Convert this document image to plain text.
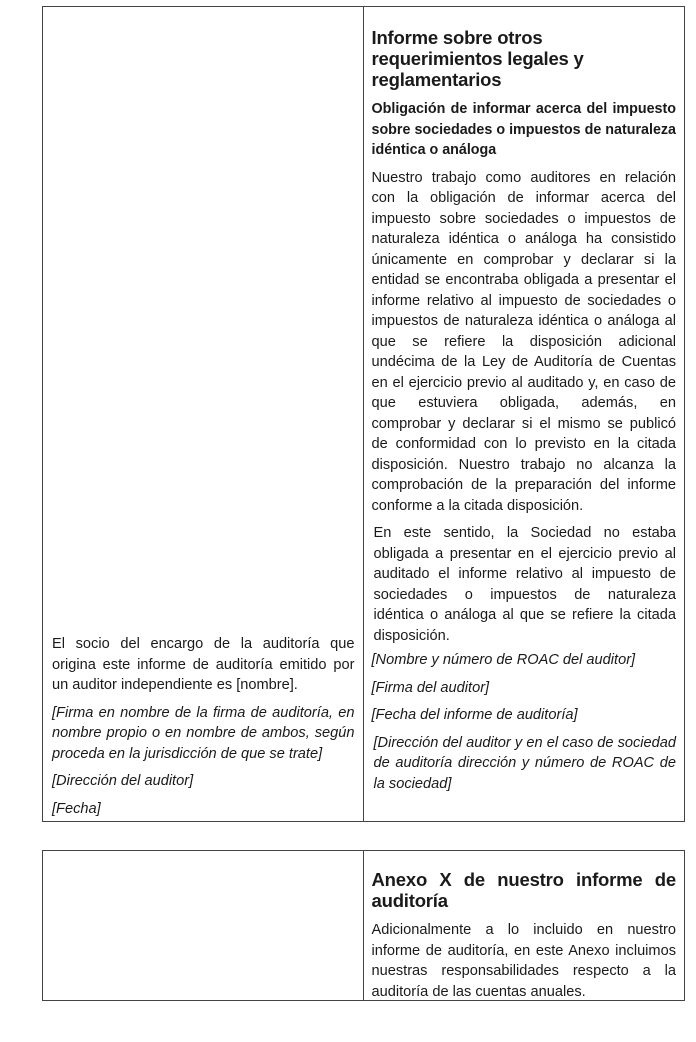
El socio del encargo de la auditoría que origina este informe de auditoría emitido por un auditor independiente es [nombre].

[Firma en nombre de la firma de auditoría, en nombre propio o en nombre de ambos, según proceda en la jurisdicción de que se trate]

[Dirección del auditor]

[Fecha]

Informe sobre otros requerimientos legales y reglamentarios
Obligación de informar acerca del impuesto sobre sociedades o impuestos de naturaleza idéntica o análoga

Nuestro trabajo como auditores en relación con la obligación de informar acerca del impuesto sobre sociedades o impuestos de naturaleza idéntica o análoga ha consistido únicamente en comprobar y declarar si la entidad se encontraba obligada a presentar el informe relativo al impuesto de sociedades o impuestos de naturaleza idéntica o análoga al que se refiere la disposición adicional undécima de la Ley de Auditoría de Cuentas en el ejercicio previo al auditado y, en caso de que estuviera obligada, además, en comprobar y declarar si el mismo se publicó de conformidad con lo previsto en la citada disposición. Nuestro trabajo no alcanza la comprobación de la preparación del informe conforme a la citada disposición.

En este sentido, la Sociedad no estaba obligada a presentar en el ejercicio previo al auditado el informe relativo al impuesto de sociedades o impuestos de naturaleza idéntica o análoga al que se refiere la citada disposición.

[Nombre y número de ROAC del auditor]

[Firma del auditor]

[Fecha del informe de auditoría]

[Dirección del auditor y en el caso de sociedad de auditoría dirección y número de ROAC de la sociedad]

Anexo X de nuestro informe de auditoría

Adicionalmente a lo incluido en nuestro informe de auditoría, en este Anexo incluimos nuestras responsabilidades respecto a la auditoría de las cuentas anuales.
